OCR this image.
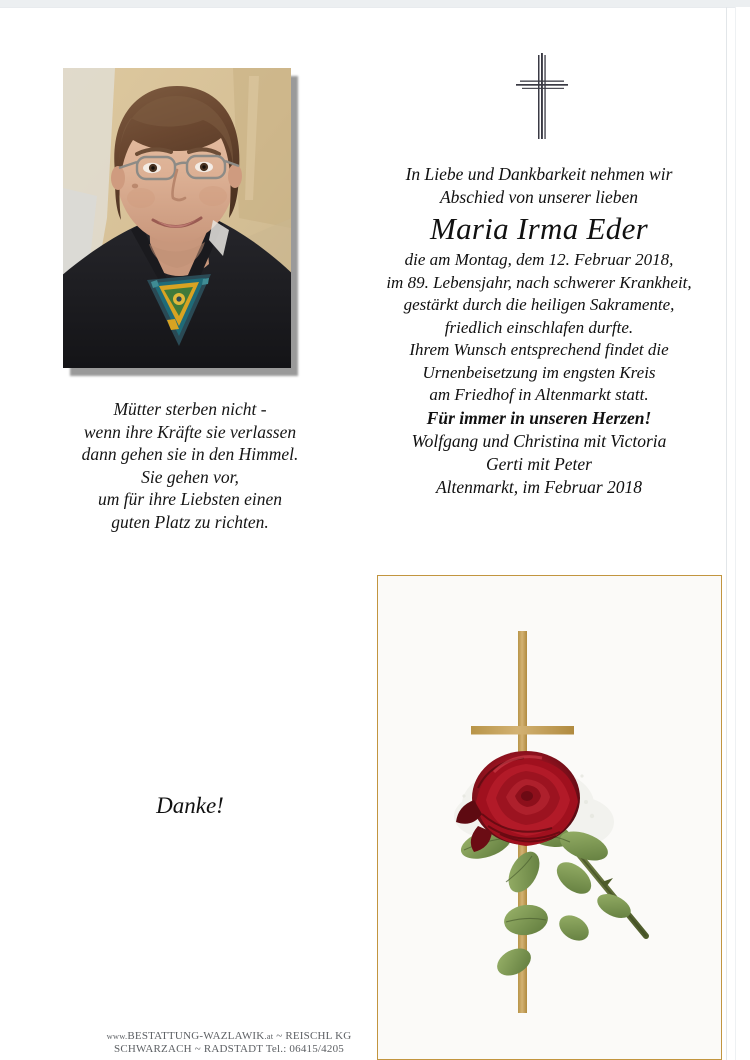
Mütter sterben nicht -
wenn ihre Kräfte sie verlassen
dann gehen sie in den Himmel.
Sie gehen vor,
um für ihre Liebsten einen
guten Platz zu richten.
Danke!
In Liebe und Dankbarkeit nehmen wir
Abschied von unserer lieben
Maria Irma Eder
die am Montag, dem 12. Februar 2018,
im 89. Lebensjahr, nach schwerer Krankheit,
gestärkt durch die heiligen Sakramente,
friedlich einschlafen durfte.
Ihrem Wunsch entsprechend findet die
Urnenbeisetzung im engsten Kreis
am Friedhof in Altenmarkt statt.
Für immer in unseren Herzen!
Wolfgang und Christina mit Victoria
Gerti mit Peter
Altenmarkt, im Februar 2018
www.BESTATTUNG-WAZLAWIK.at ~ REISCHL KG
SCHWARZACH ~ RADSTADT Tel.: 06415/4205
